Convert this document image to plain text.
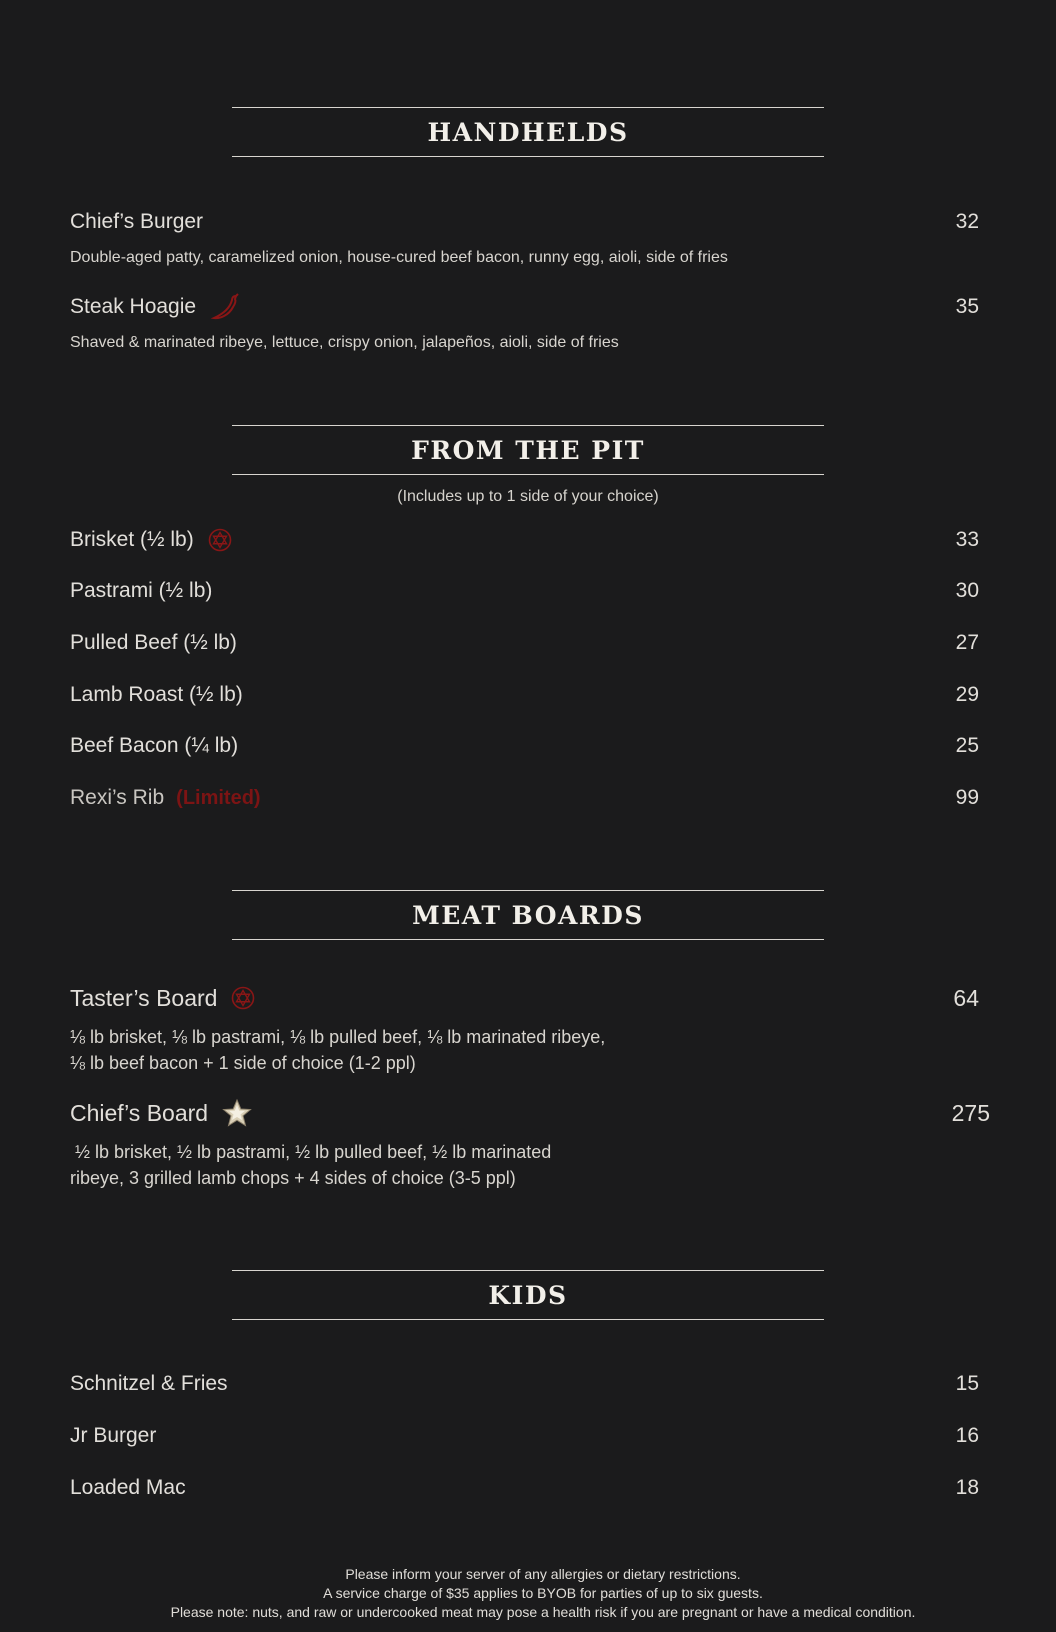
HANDHELDS
Chief’s Burger	32
Double-aged patty, caramelized onion, house-cured beef bacon, runny egg, aioli, side of fries
Steak Hoagie	35
Shaved & marinated ribeye, lettuce, crispy onion, jalapeños, aioli, side of fries
FROM THE PIT
(Includes up to 1 side of your choice)
Brisket (½ lb)	33
Pastrami (½ lb)	30
Pulled Beef (½ lb)	27
Lamb Roast (½ lb)	29
Beef Bacon (¼ lb)	25
Rexi’s Rib (Limited)	99
MEAT BOARDS
Taster’s Board	64
⅛ lb brisket, ⅛ lb pastrami, ⅛ lb pulled beef, ⅛ lb marinated ribeye,
⅛ lb beef bacon + 1 side of choice (1-2 ppl)
Chief’s Board	275
½ lb brisket, ½ lb pastrami, ½ lb pulled beef, ½ lb marinated
ribeye, 3 grilled lamb chops + 4 sides of choice (3-5 ppl)
KIDS
Schnitzel & Fries	15
Jr Burger	16
Loaded Mac	18
Please inform your server of any allergies or dietary restrictions.
A service charge of $35 applies to BYOB for parties of up to six guests.
Please note: nuts, and raw or undercooked meat may pose a health risk if you are pregnant or have a medical condition.
